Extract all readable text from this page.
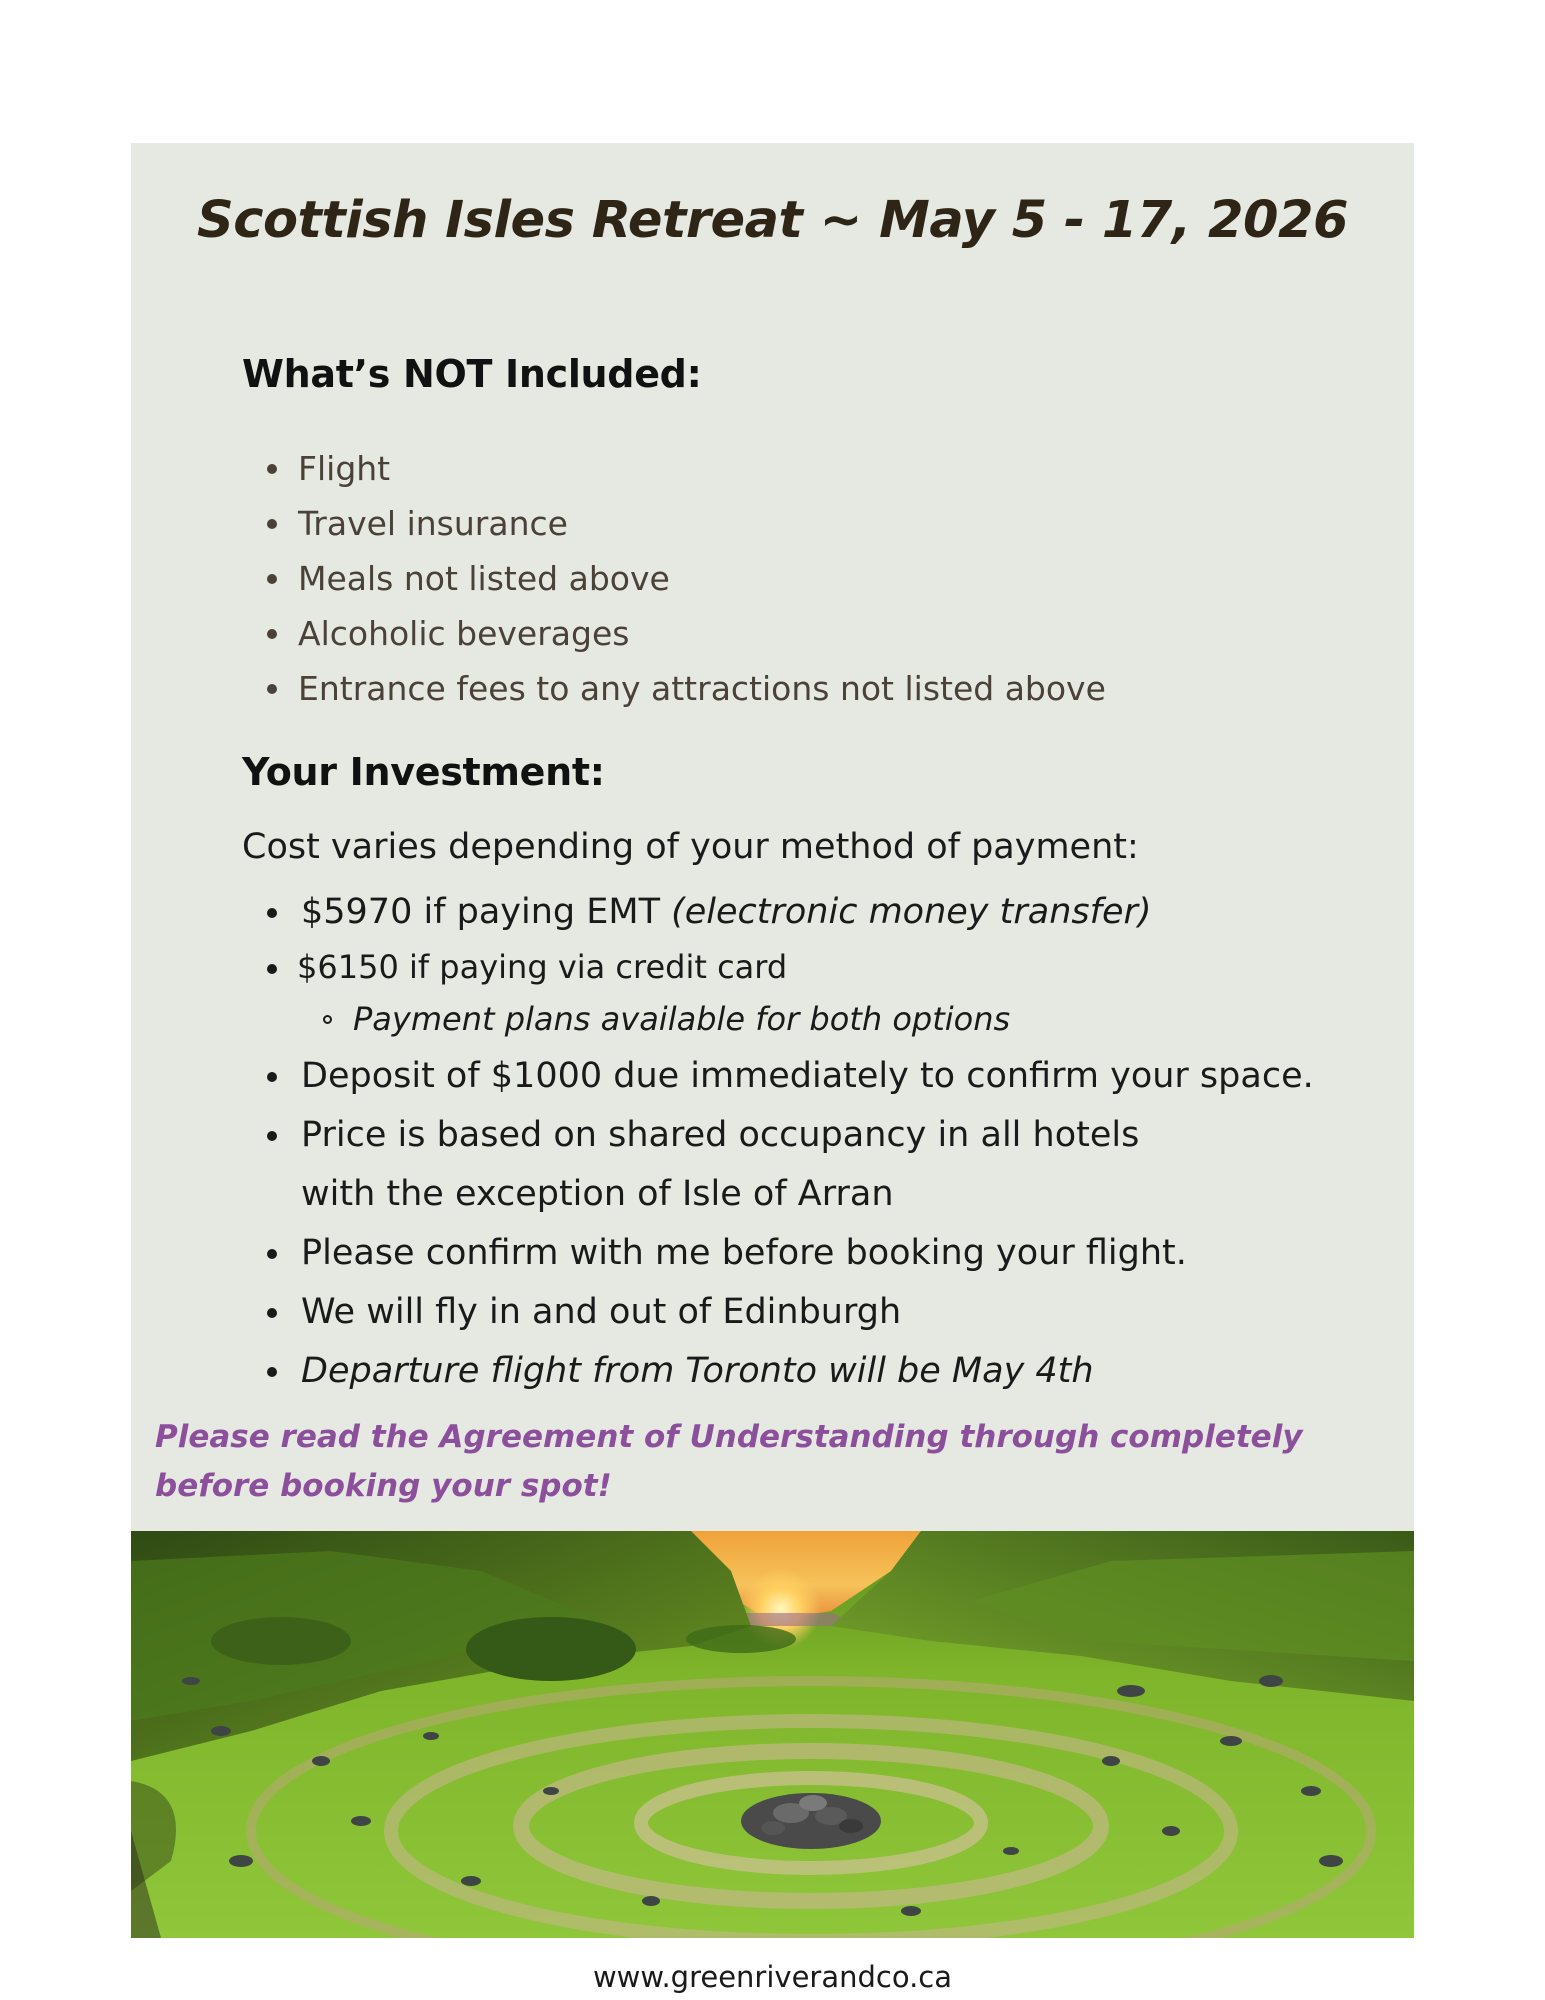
Scottish Isles Retreat ~ May 5 - 17, 2026
What’s NOT Included:
Flight
Travel insurance
Meals not listed above
Alcoholic beverages
Entrance fees to any attractions not listed above
Your Investment:

Cost varies depending of your method of payment:

$5970 if paying EMT (electronic money transfer)
$6150 if paying via credit card
Payment plans available for both options
Deposit of $1000 due immediately to confirm your space.
Price is based on shared occupancy in all hotels with the exception of Isle of Arran
Please confirm with me before booking your flight.
We will fly in and out of Edinburgh
Departure flight from Toronto will be May 4th

Please read the Agreement of Understanding through completely before booking your spot!

www.greenriverandco.ca
